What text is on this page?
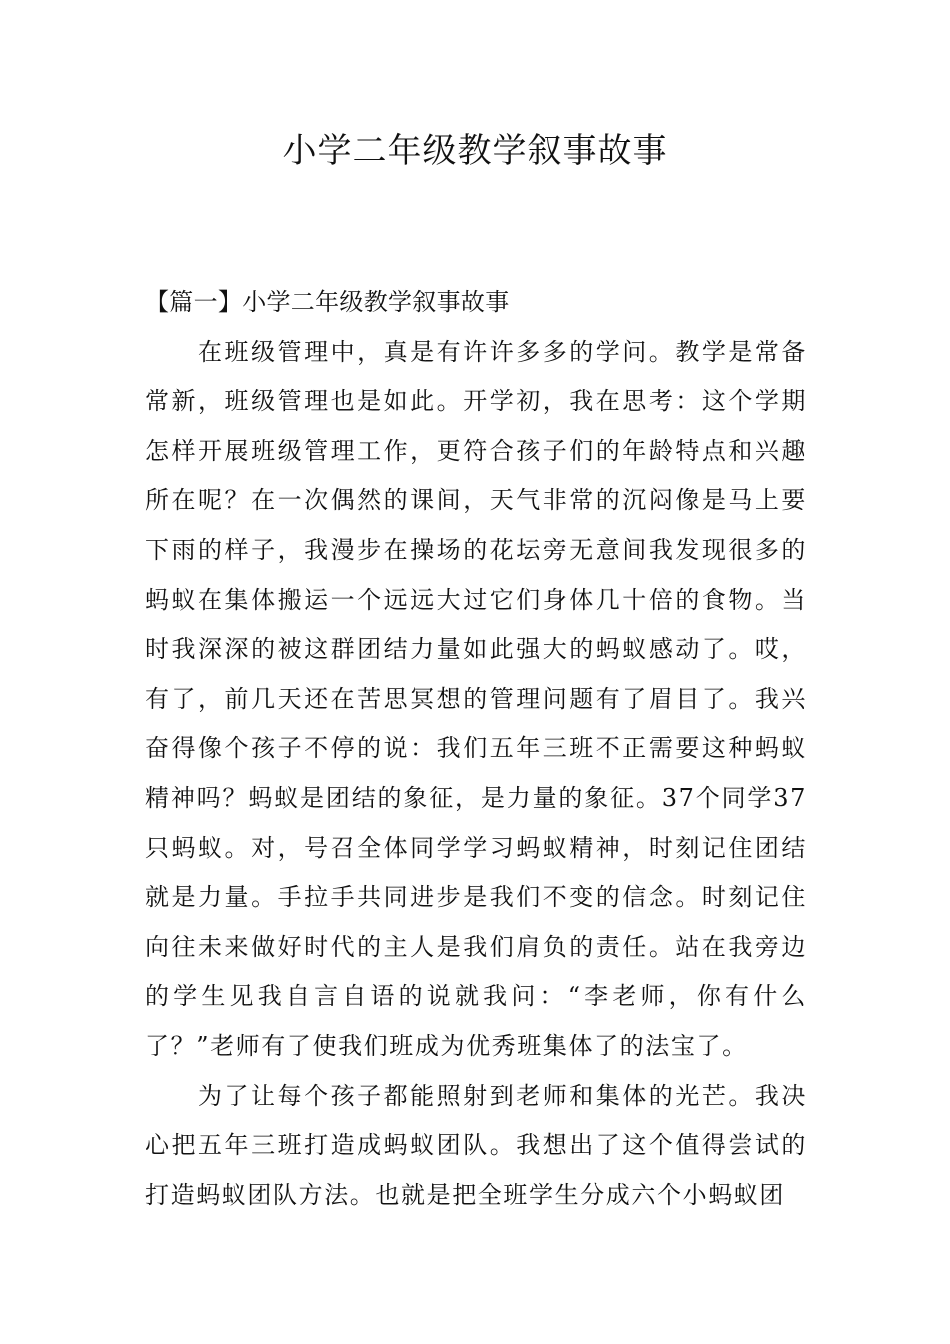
小学二年级教学叙事故事

【篇一】小学二年级教学叙事故事

在班级管理中，真是有许许多多的学问。教学是常备常新，班级管理也是如此。开学初，我在思考：这个学期怎样开展班级管理工作，更符合孩子们的年龄特点和兴趣所在呢？在一次偶然的课间，天气非常的沉闷像是马上要下雨的样子，我漫步在操场的花坛旁无意间我发现很多的蚂蚁在集体搬运一个远远大过它们身体几十倍的食物。当时我深深的被这群团结力量如此强大的蚂蚁感动了。哎，有了，前几天还在苦思冥想的管理问题有了眉目了。我兴奋得像个孩子不停的说：我们五年三班不正需要这种蚂蚁精神吗？蚂蚁是团结的象征，是力量的象征。37个同学37只蚂蚁。对，号召全体同学学习蚂蚁精神，时刻记住团结就是力量。手拉手共同进步是我们不变的信念。时刻记住向往未来做好时代的主人是我们肩负的责任。站在我旁边的学生见我自言自语的说就我问：“李老师，你有什么了？”老师有了使我们班成为优秀班集体了的法宝了。

为了让每个孩子都能照射到老师和集体的光芒。我决心把五年三班打造成蚂蚁团队。我想出了这个值得尝试的打造蚂蚁团队方法。也就是把全班学生分成六个小蚂蚁团
